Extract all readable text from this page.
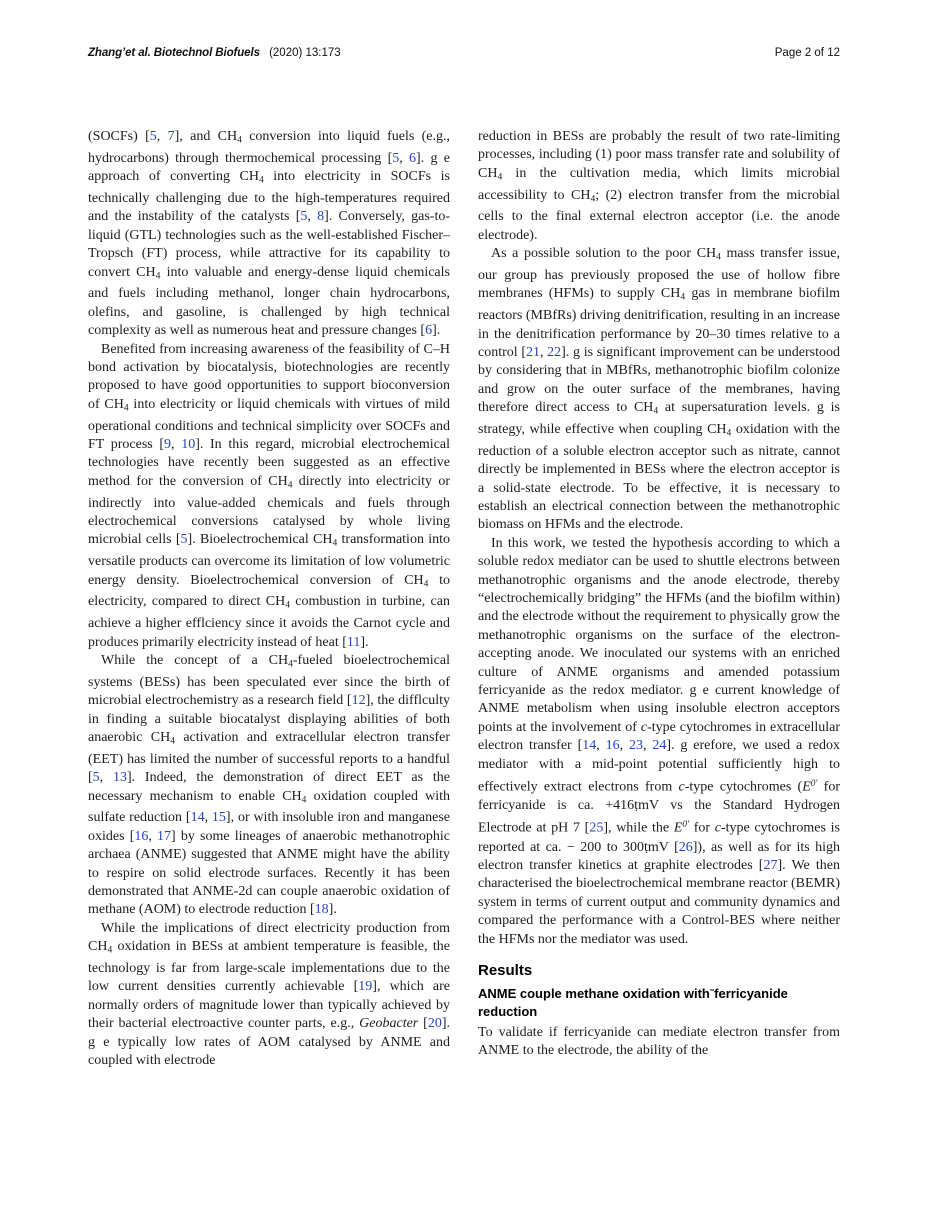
Zhangʼet al. Biotechnol Biofuels (2020) 13:173	Page 2 of 12

(SOCFs) [5, 7], and CH4 conversion into liquid fuels (e.g., hydrocarbons) through thermochemical processing [5, 6]. g e approach of converting CH4 into electricity in SOCFs is technically challenging due to the high-temperatures required and the instability of the catalysts [5, 8]. Conversely, gas-to-liquid (GTL) technologies such as the well-established Fischer–Tropsch (FT) process, while attractive for its capability to convert CH4 into valuable and energy-dense liquid chemicals and fuels including methanol, longer chain hydrocarbons, olefins, and gasoline, is challenged by high technical complexity as well as numerous heat and pressure changes [6].

Benefited from increasing awareness of the feasibility of C–H bond activation by biocatalysis, biotechnologies are recently proposed to have good opportunities to support bioconversion of CH4 into electricity or liquid chemicals with virtues of mild operational conditions and technical simplicity over SOCFs and FT process [9, 10]. In this regard, microbial electrochemical technologies have recently been suggested as an effective method for the conversion of CH4 directly into electricity or indirectly into value-added chemicals and fuels through electrochemical conversions catalysed by whole living microbial cells [5]. Bioelectrochemical CH4 transformation into versatile products can overcome its limitation of low volumetric energy density. Bioelectrochemical conversion of CH4 to electricity, compared to direct CH4 combustion in turbine, can achieve a higher efflciency since it avoids the Carnot cycle and produces primarily electricity instead of heat [11].

While the concept of a CH4-fueled bioelectrochemical systems (BESs) has been speculated ever since the birth of microbial electrochemistry as a research field [12], the difflculty in finding a suitable biocatalyst displaying abilities of both anaerobic CH4 activation and extracellular electron transfer (EET) has limited the number of successful reports to a handful [5, 13]. Indeed, the demonstration of direct EET as the necessary mechanism to enable CH4 oxidation coupled with sulfate reduction [14, 15], or with insoluble iron and manganese oxides [16, 17] by some lineages of anaerobic methanotrophic archaea (ANME) suggested that ANME might have the ability to respire on solid electrode surfaces. Recently it has been demonstrated that ANME-2d can couple anaerobic oxidation of methane (AOM) to electrode reduction [18].

While the implications of direct electricity production from CH4 oxidation in BESs at ambient temperature is feasible, the technology is far from large-scale implementations due to the low current densities currently achievable [19], which are normally orders of magnitude lower than typically achieved by their bacterial electroactive counter parts, e.g., Geobacter [20]. g e typically low rates of AOM catalysed by ANME and coupled with electrode

reduction in BESs are probably the result of two rate-limiting processes, including (1) poor mass transfer rate and solubility of CH4 in the cultivation media, which limits microbial accessibility to CH4; (2) electron transfer from the microbial cells to the final external electron acceptor (i.e. the anode electrode).

As a possible solution to the poor CH4 mass transfer issue, our group has previously proposed the use of hollow fibre membranes (HFMs) to supply CH4 gas in membrane biofilm reactors (MBfRs) driving denitrification, resulting in an increase in the denitrification performance by 20–30 times relative to a control [21, 22]. g is significant improvement can be understood by considering that in MBfRs, methanotrophic biofilm colonize and grow on the outer surface of the membranes, having therefore direct access to CH4 at supersaturation levels. g is strategy, while effective when coupling CH4 oxidation with the reduction of a soluble electron acceptor such as nitrate, cannot directly be implemented in BESs where the electron acceptor is a solid-state electrode. To be effective, it is necessary to establish an electrical connection between the methanotrophic biomass on HFMs and the electrode.

In this work, we tested the hypothesis according to which a soluble redox mediator can be used to shuttle electrons between methanotrophic organisms and the anode electrode, thereby “electrochemically bridging” the HFMs (and the biofilm within) and the electrode without the requirement to physically grow the methanotrophic organisms on the surface of the electron-accepting anode. We inoculated our systems with an enriched culture of ANME organisms and amended potassium ferricyanide as the redox mediator. g e current knowledge of ANME metabolism when using insoluble electron acceptors points at the involvement of c-type cytochromes in extracellular electron transfer [14, 16, 23, 24]. g erefore, we used a redox mediator with a mid-point potential sufficiently high to effectively extract electrons from c-type cytochromes ($E^{0'}$ for ferricyanide is ca. +416ṭmV vs the Standard Hydrogen Electrode at pH 7 [25], while the $E^{0'}$ for c-type cytochromes is reported at ca. − 200 to 300ṭmV [26]), as well as for its high electron transfer kinetics at graphite electrodes [27]. We then characterised the bioelectrochemical membrane reactor (BEMR) system in terms of current output and community dynamics and compared the performance with a Control-BES where neither the HFMs nor the mediator was used.

Results
ANME couple methane oxidation withˉferricyanide reduction

To validate if ferricyanide can mediate electron transfer from ANME to the electrode, the ability of the
